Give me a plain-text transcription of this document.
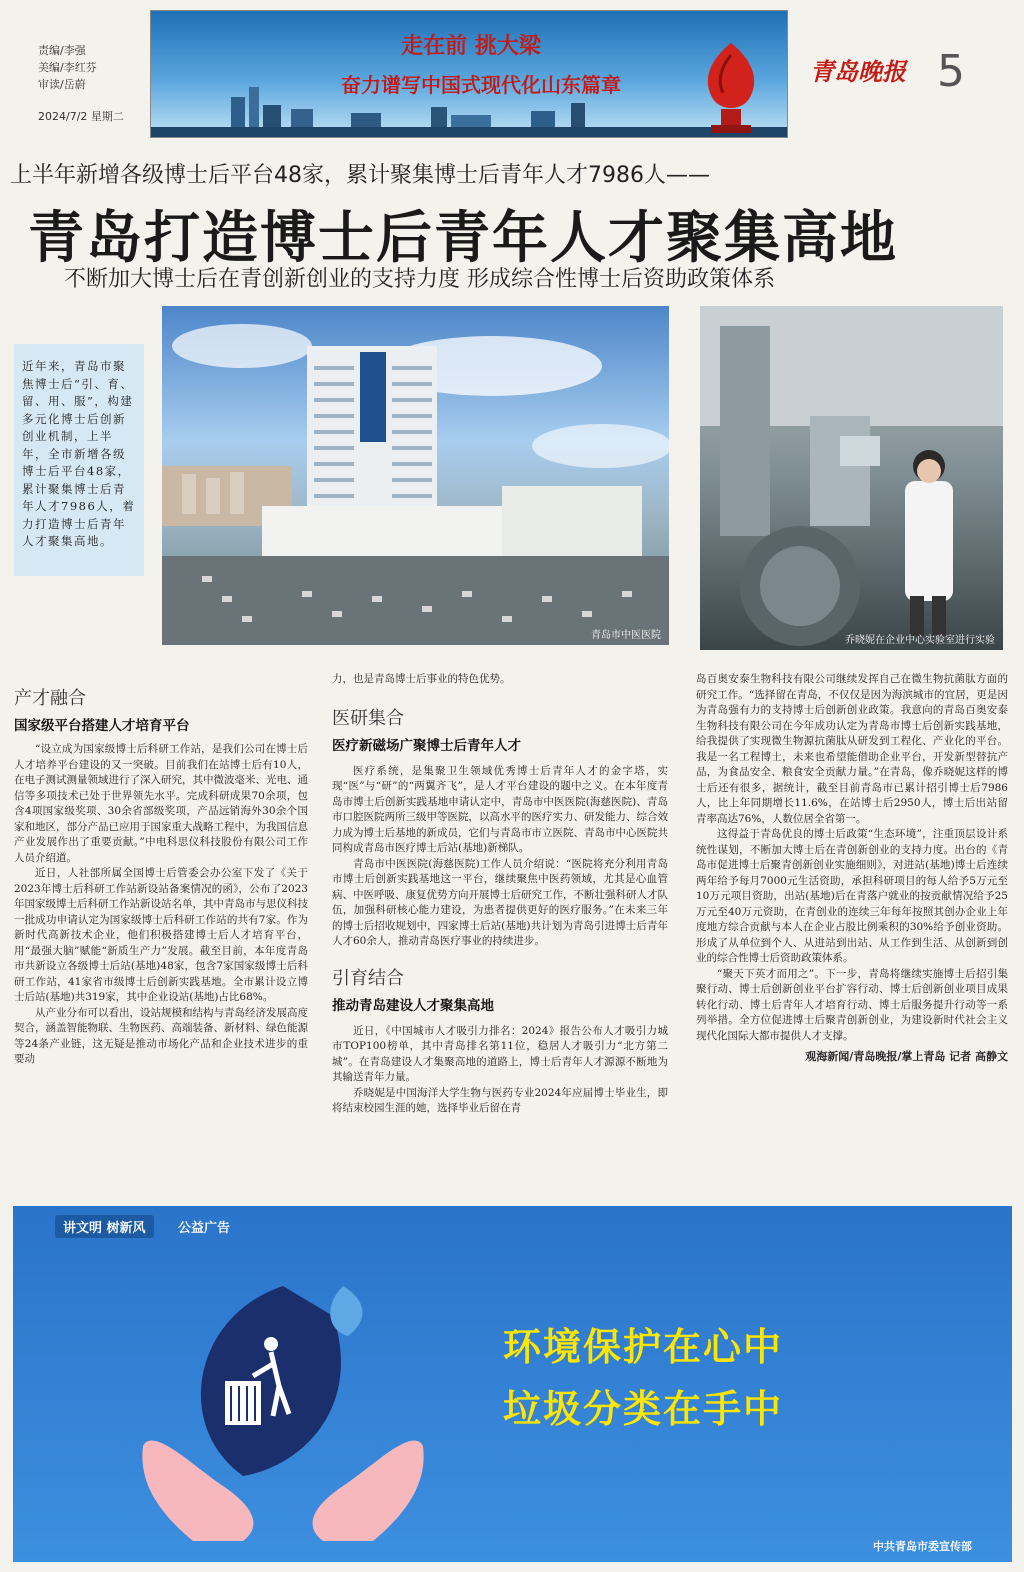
责编/李强
美编/李红芬
审读/岳蔚
2024/7/2 星期二
走在前 挑大梁
奋力谱写中国式现代化山东篇章	青岛晚报 5
上半年新增各级博士后平台48家，累计聚集博士后青年人才7986人——
青岛打造博士后青年人才聚集高地
不断加大博士后在青创新创业的支持力度 形成综合性博士后资助政策体系
近年来，青岛市聚焦博士后“引、育、留、用、服”，构建多元化博士后创新创业机制，上半年，全市新增各级博士后平台48家，累计聚集博士后青年人才7986人，着力打造博士后青年人才聚集高地。
青岛市中医医院	乔晓妮在企业中心实验室进行实验
产才融合
国家级平台搭建人才培育平台

“设立成为国家级博士后科研工作站，是我们公司在博士后人才培养平台建设的又一突破。目前我们在站博士后有10人，在电子测试测量领域进行了深入研究，其中微波毫米、光电、通信等多项技术已处于世界领先水平。完成科研成果70余项，包含4项国家级奖项、30余省部级奖项，产品远销海外30余个国家和地区，部分产品已应用于国家重大战略工程中，为我国信息产业发展作出了重要贡献。”中电科思仪科技股份有限公司工作人员介绍道。

近日，人社部所属全国博士后管委会办公室下发了《关于2023年博士后科研工作站新设站备案情况的函》，公布了2023年国家级博士后科研工作站新设站名单，其中青岛市与思仪科技一批成功申请认定为国家级博士后科研工作站的共有7家。作为新时代高新技术企业，他们积极搭建博士后人才培育平台，用“最强大脑”赋能“新质生产力”发展。截至目前，本年度青岛市共新设立各级博士后站(基地)48家，包含7家国家级博士后科研工作站，41家省市级博士后创新实践基地。全市累计设立博士后站(基地)共319家，其中企业设站(基地)占比68%。

从产业分布可以看出，设站规模和结构与青岛经济发展高度契合，涵盖智能物联、生物医药、高端装备、新材料、绿色能源等24条产业链，这无疑是推动市场化产品和企业技术进步的重要动

力，也是青岛博士后事业的特色优势。

医研集合
医疗新磁场广聚博士后青年人才

医疗系统，是集聚卫生领域优秀博士后青年人才的金字塔，实现“医”与“研”的“两翼齐飞”，是人才平台建设的题中之义。在本年度青岛市博士后创新实践基地申请认定中，青岛市中医医院(海慈医院)、青岛市口腔医院两所三级甲等医院，以高水平的医疗实力、研发能力、综合效力成为博士后基地的新成员，它们与青岛市市立医院、青岛市中心医院共同构成青岛市医疗博士后站(基地)新梯队。

青岛市中医医院(海慈医院)工作人员介绍说：“医院将充分利用青岛市博士后创新实践基地这一平台，继续聚焦中医药领域，尤其是心血管病、中医呼吸、康复优势方向开展博士后研究工作，不断壮强科研人才队伍，加强科研核心能力建设，为患者提供更好的医疗服务。”在未来三年的博士后招收规划中，四家博士后站(基地)共计划为青岛引进博士后青年人才60余人，推动青岛医疗事业的持续进步。

引育结合
推动青岛建设人才聚集高地

近日，《中国城市人才吸引力排名：2024》报告公布人才吸引力城市TOP100榜单，其中青岛排名第11位，稳居人才吸引力“北方第二城”。在青岛建设人才集聚高地的道路上，博士后青年人才源源不断地为其输送青年力量。

乔晓妮是中国海洋大学生物与医药专业2024年应届博士毕业生，即将结束校园生涯的她，选择毕业后留在青

岛百奥安泰生物科技有限公司继续发挥自己在微生物抗菌肽方面的研究工作。“选择留在青岛，不仅仅是因为海滨城市的宜居，更是因为青岛强有力的支持博士后创新创业政策。我意向的青岛百奥安泰生物科技有限公司在今年成功认定为青岛市博士后创新实践基地，给我提供了实现微生物源抗菌肽从研发到工程化、产业化的平台。我是一名工程博士，未来也希望能借助企业平台，开发新型替抗产品，为食品安全、粮食安全贡献力量。”在青岛，像乔晓妮这样的博士后还有很多，据统计，截至目前青岛市已累计招引博士后7986人，比上年同期增长11.6%，在站博士后2950人，博士后出站留青率高达76%，人数位居全省第一。

这得益于青岛优良的博士后政策“生态环境”，注重顶层设计系统性谋划，不断加大博士后在青创新创业的支持力度。出台的《青岛市促进博士后聚青创新创业实施细则》，对进站(基地)博士后连续两年给予每月7000元生活资助，承担科研项目的每人给予5万元至10万元项目资助，出站(基地)后在青落户就业的按贡献情况给予25万元至40万元资助，在青创业的连续三年每年按照其创办企业上年度地方综合贡献与本人在企业占股比例乘积的30%给予创业资助。形成了从单位到个人、从进站到出站、从工作到生活、从创新到创业的综合性博士后资助政策体系。

“聚天下英才而用之”。下一步，青岛将继续实施博士后招引集聚行动、博士后创新创业平台扩容行动、博士后创新创业项目成果转化行动、博士后青年人才培育行动、博士后服务提升行动等一系列举措。全方位促进博士后聚青创新创业，为建设新时代社会主义现代化国际大都市提供人才支撑。

观海新闻/青岛晚报/掌上青岛 记者 高静文
讲文明 树新风	公益广告
环境保护在心中
垃圾分类在手中
中共青岛市委宣传部
